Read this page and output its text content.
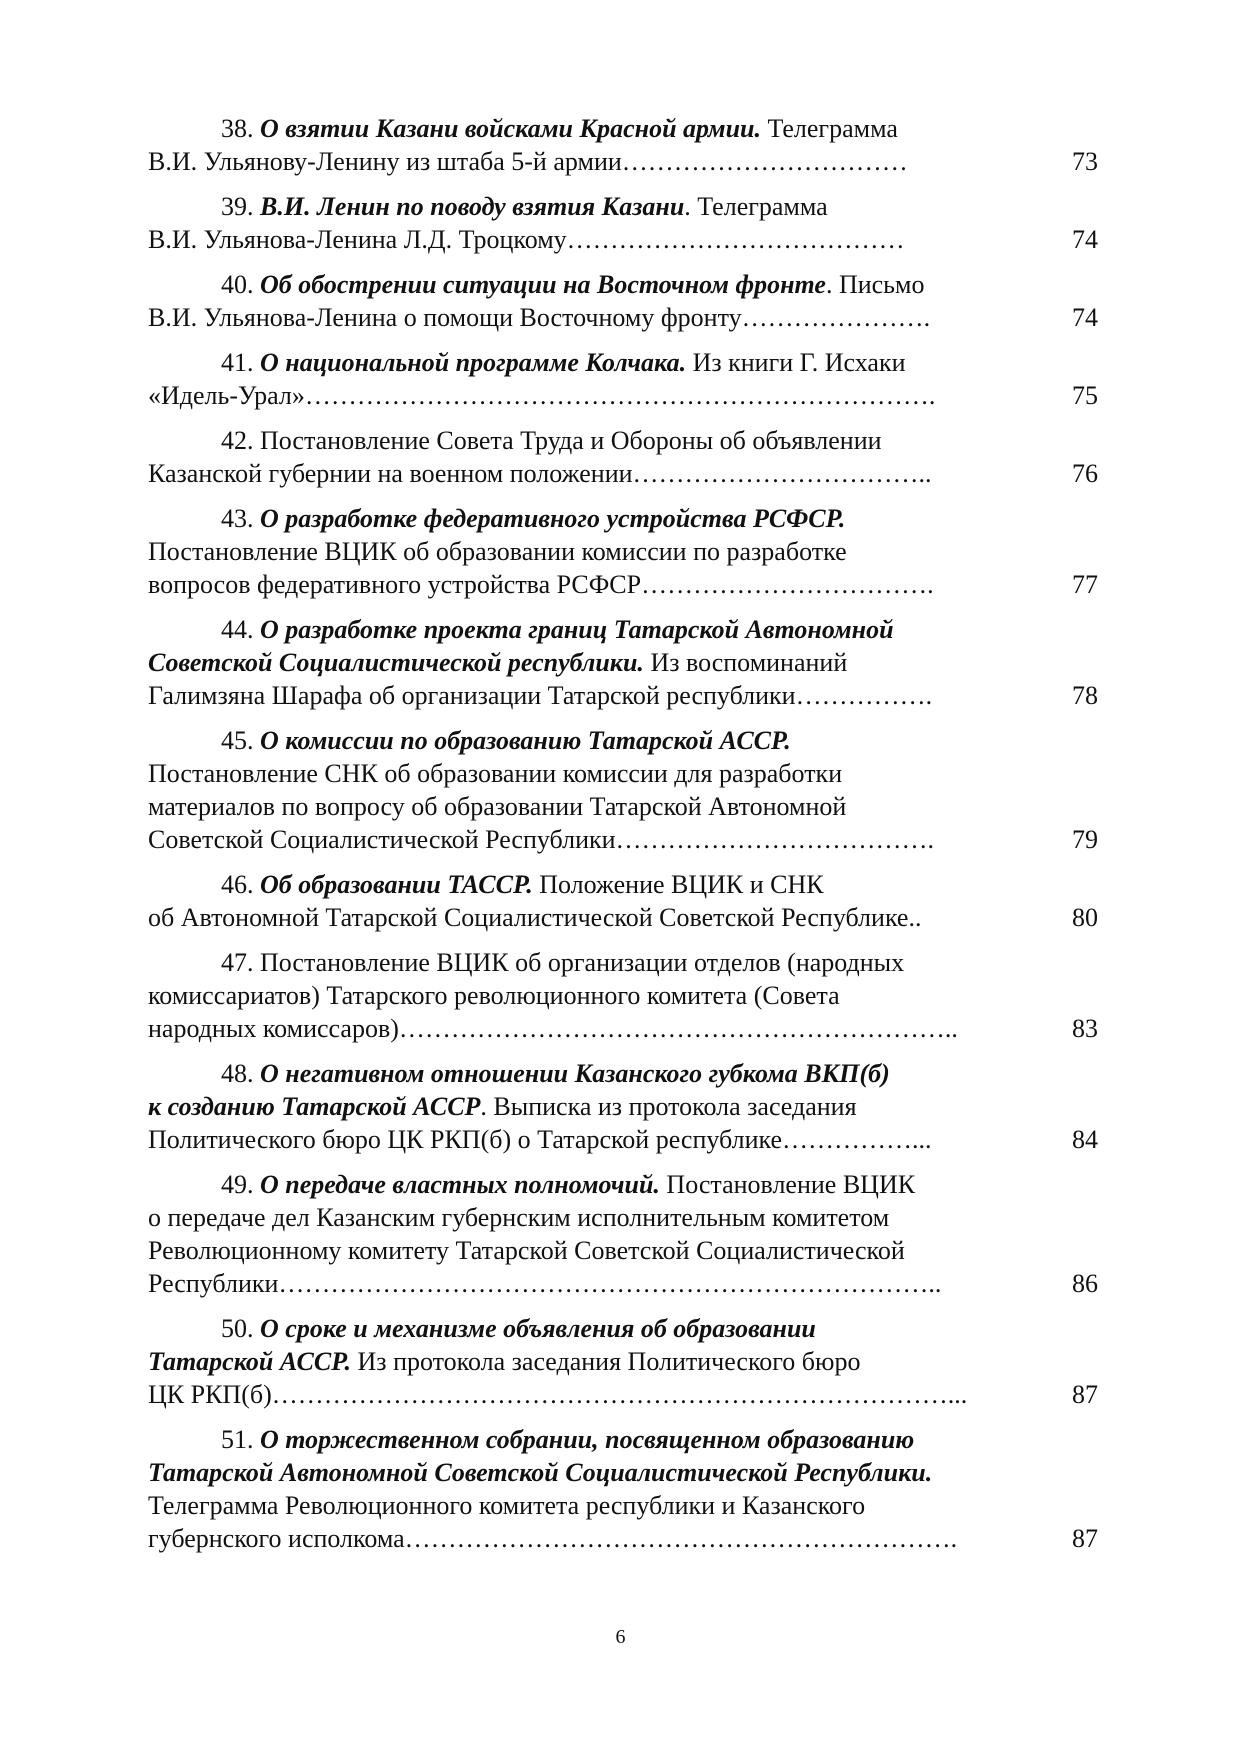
38. О взятии Казани войсками Красной армии. Телеграмма
В.И. Ульянову-Ленину из штаба 5-й армии……………………………	73
39. В.И. Ленин по поводу взятия Казани. Телеграмма
В.И. Ульянова-Ленина Л.Д. Троцкому…………………………………	74
40. Об обострении ситуации на Восточном фронте. Письмо
В.И. Ульянова-Ленина о помощи Восточному фронту………………….	74
41. О национальной программе Колчака. Из книги Г. Исхаки
«Идель-Урал»……………………………………………………………….	75
42. Постановление Совета Труда и Обороны об объявлении
Казанской губернии на военном положении……………………………..	76
43. О разработке федеративного устройства РСФСР.
Постановление ВЦИК об образовании комиссии по разработке
вопросов федеративного устройства РСФСР…………………………….	77
44. О разработке проекта границ Татарской Автономной
Советской Социалистической республики. Из воспоминаний
Галимзяна Шарафа об организации Татарской республики…………….	78
45. О комиссии по образованию Татарской АССР.
Постановление СНК об образовании комиссии для разработки
материалов по вопросу об образовании Татарской Автономной
Советской Социалистической Республики……………………………….	79
46. Об образовании ТАССР. Положение ВЦИК и СНК
об Автономной Татарской Социалистической Советской Республике..	80
47. Постановление ВЦИК об организации отделов (народных
комиссариатов) Татарского революционного комитета (Совета
народных комиссаров)………………………………………………………..	83
48. О негативном отношении Казанского губкома ВКП(б)
к созданию Татарской АССР. Выписка из протокола заседания
Политического бюро ЦК РКП(б) о Татарской республике……………...	84
49. О передаче властных полномочий. Постановление ВЦИК
о передаче дел Казанским губернским исполнительным комитетом
Революционному комитету Татарской Советской Социалистической
Республики…………………………………………………………………..	86
50. О сроке и механизме объявления об образовании
Татарской АССР. Из протокола заседания Политического бюро
ЦК РКП(б)……………………………………………………………………...	87
51. О торжественном собрании, посвященном образованию
Татарской Автономной Советской Социалистической Республики.
Телеграмма Революционного комитета республики и Казанского
губернского исполкома……………………………………………………….	87
6
